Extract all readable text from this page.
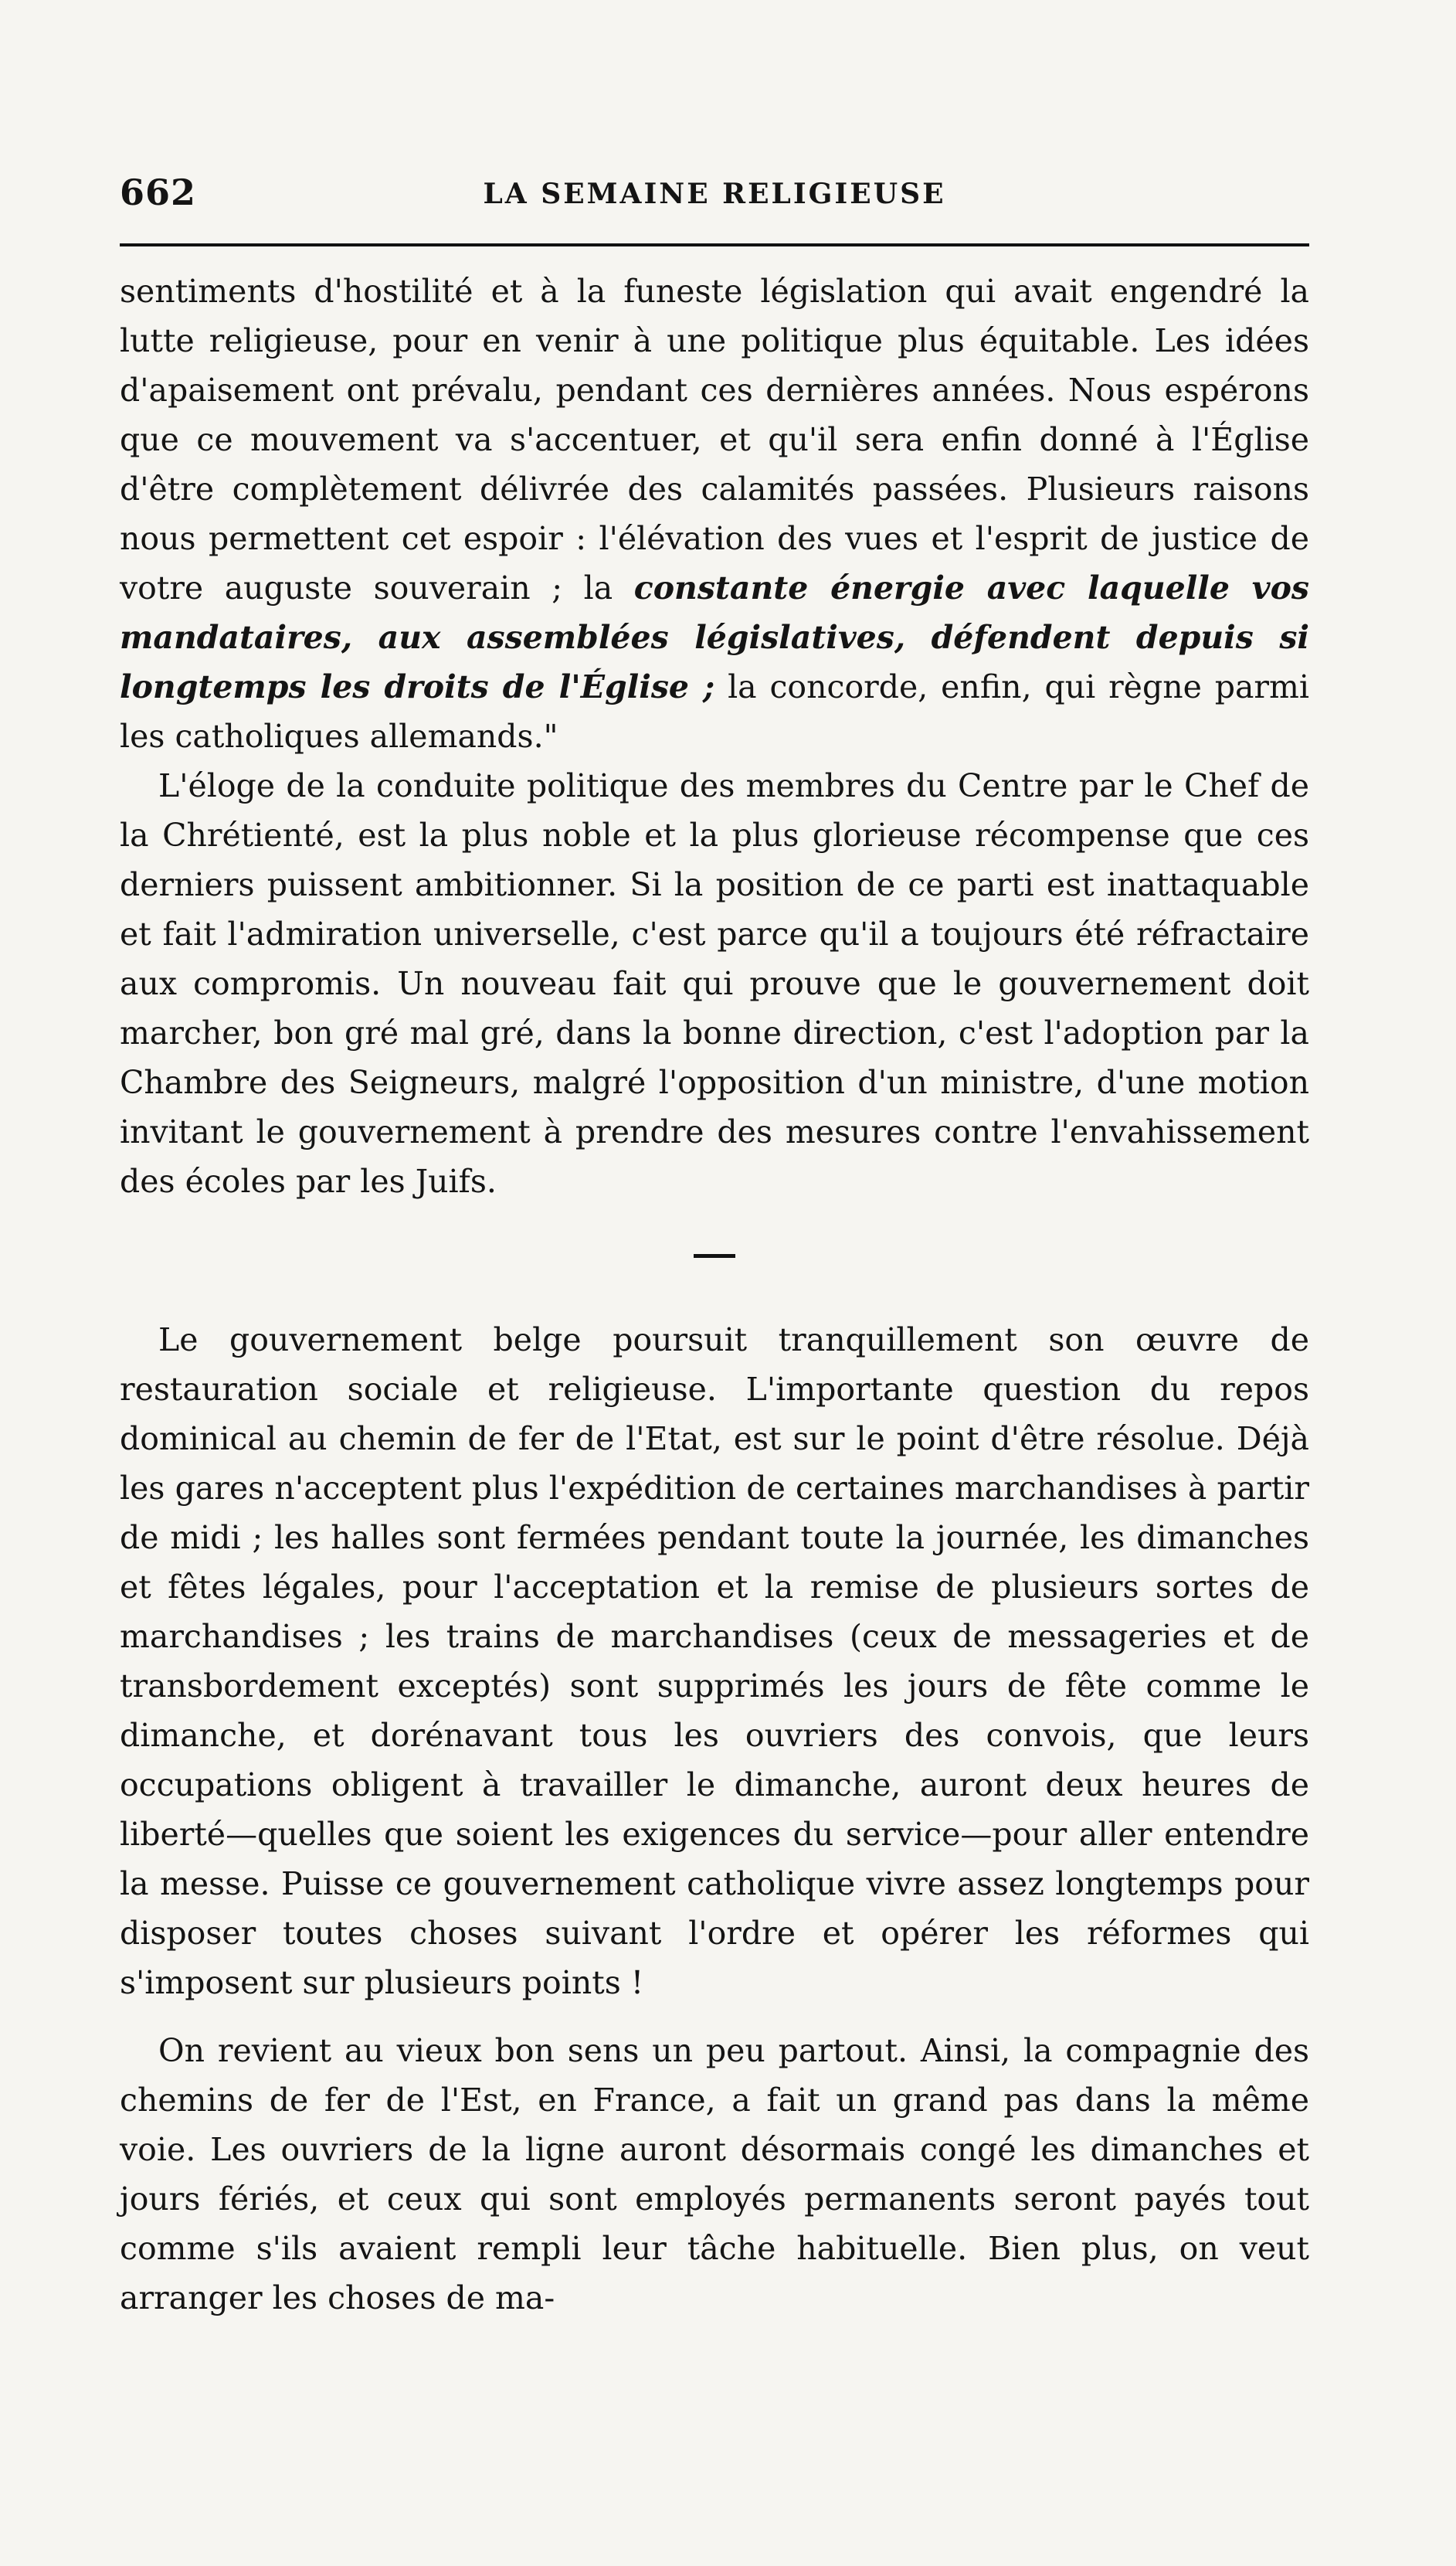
662	LA SEMAINE RELIGIEUSE

sentiments d'hostilité et à la funeste législation qui avait engendré la lutte religieuse, pour en venir à une politique plus équitable. Les idées d'apaisement ont prévalu, pendant ces dernières années. Nous espérons que ce mouvement va s'accentuer, et qu'il sera enfin donné à l'Église d'être complètement délivrée des calamités passées. Plusieurs raisons nous permettent cet espoir : l'élévation des vues et l'esprit de justice de votre auguste souverain ; la constante énergie avec laquelle vos mandataires, aux assemblées législatives, défendent depuis si longtemps les droits de l'Église ; la concorde, enfin, qui règne parmi les catholiques allemands."

L'éloge de la conduite politique des membres du Centre par le Chef de la Chrétienté, est la plus noble et la plus glorieuse récompense que ces derniers puissent ambitionner. Si la position de ce parti est inattaquable et fait l'admiration universelle, c'est parce qu'il a toujours été réfractaire aux compromis. Un nouveau fait qui prouve que le gouvernement doit marcher, bon gré mal gré, dans la bonne direction, c'est l'adoption par la Chambre des Seigneurs, malgré l'opposition d'un ministre, d'une motion invitant le gouvernement à prendre des mesures contre l'envahissement des écoles par les Juifs.

Le gouvernement belge poursuit tranquillement son œuvre de restauration sociale et religieuse. L'importante question du repos dominical au chemin de fer de l'Etat, est sur le point d'être résolue. Déjà les gares n'acceptent plus l'expédition de certaines marchandises à partir de midi ; les halles sont fermées pendant toute la journée, les dimanches et fêtes légales, pour l'acceptation et la remise de plusieurs sortes de marchandises ; les trains de marchandises (ceux de messageries et de transbordement exceptés) sont supprimés les jours de fête comme le dimanche, et dorénavant tous les ouvriers des convois, que leurs occupations obligent à travailler le dimanche, auront deux heures de liberté—quelles que soient les exigences du service—pour aller entendre la messe. Puisse ce gouvernement catholique vivre assez longtemps pour disposer toutes choses suivant l'ordre et opérer les réformes qui s'imposent sur plusieurs points !

On revient au vieux bon sens un peu partout. Ainsi, la compagnie des chemins de fer de l'Est, en France, a fait un grand pas dans la même voie. Les ouvriers de la ligne auront désormais congé les dimanches et jours fériés, et ceux qui sont employés permanents seront payés tout comme s'ils avaient rempli leur tâche habituelle. Bien plus, on veut arranger les choses de ma-
